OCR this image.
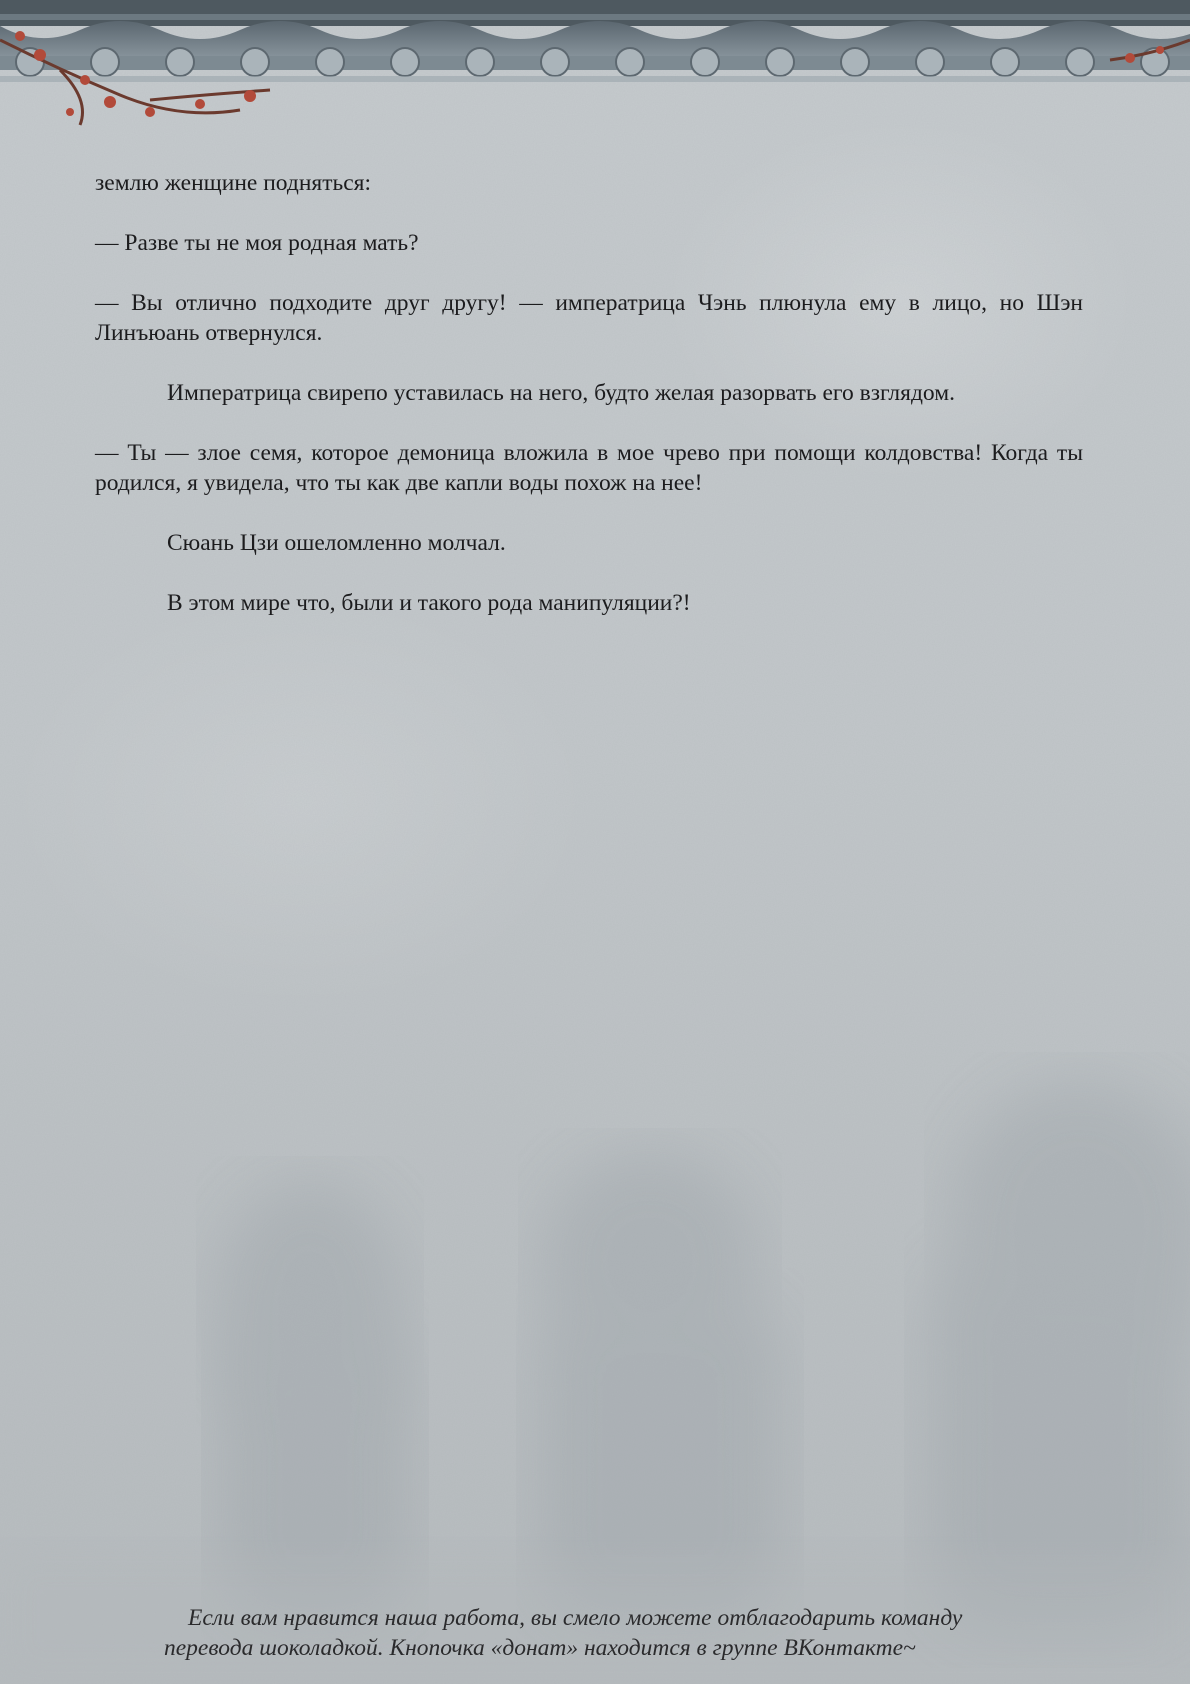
землю женщине подняться:

— Разве ты не моя родная мать?

— Вы отлично подходите друг другу! — императрица Чэнь плюнула ему в лицо, но Шэн Линъюань отвернулся.

Императрица свирепо уставилась на него, будто желая разорвать его взглядом.

— Ты — злое семя, которое демоница вложила в мое чрево при помощи колдовства! Когда ты родился, я увидела, что ты как две капли воды похож на нее!

Сюань Цзи ошеломленно молчал.

В этом мире что, были и такого рода манипуляции?!

Если вам нравится наша работа, вы смело можете отблагодарить команду
перевода шоколадкой. Кнопочка «донат» находится в группе ВКонтакте~
